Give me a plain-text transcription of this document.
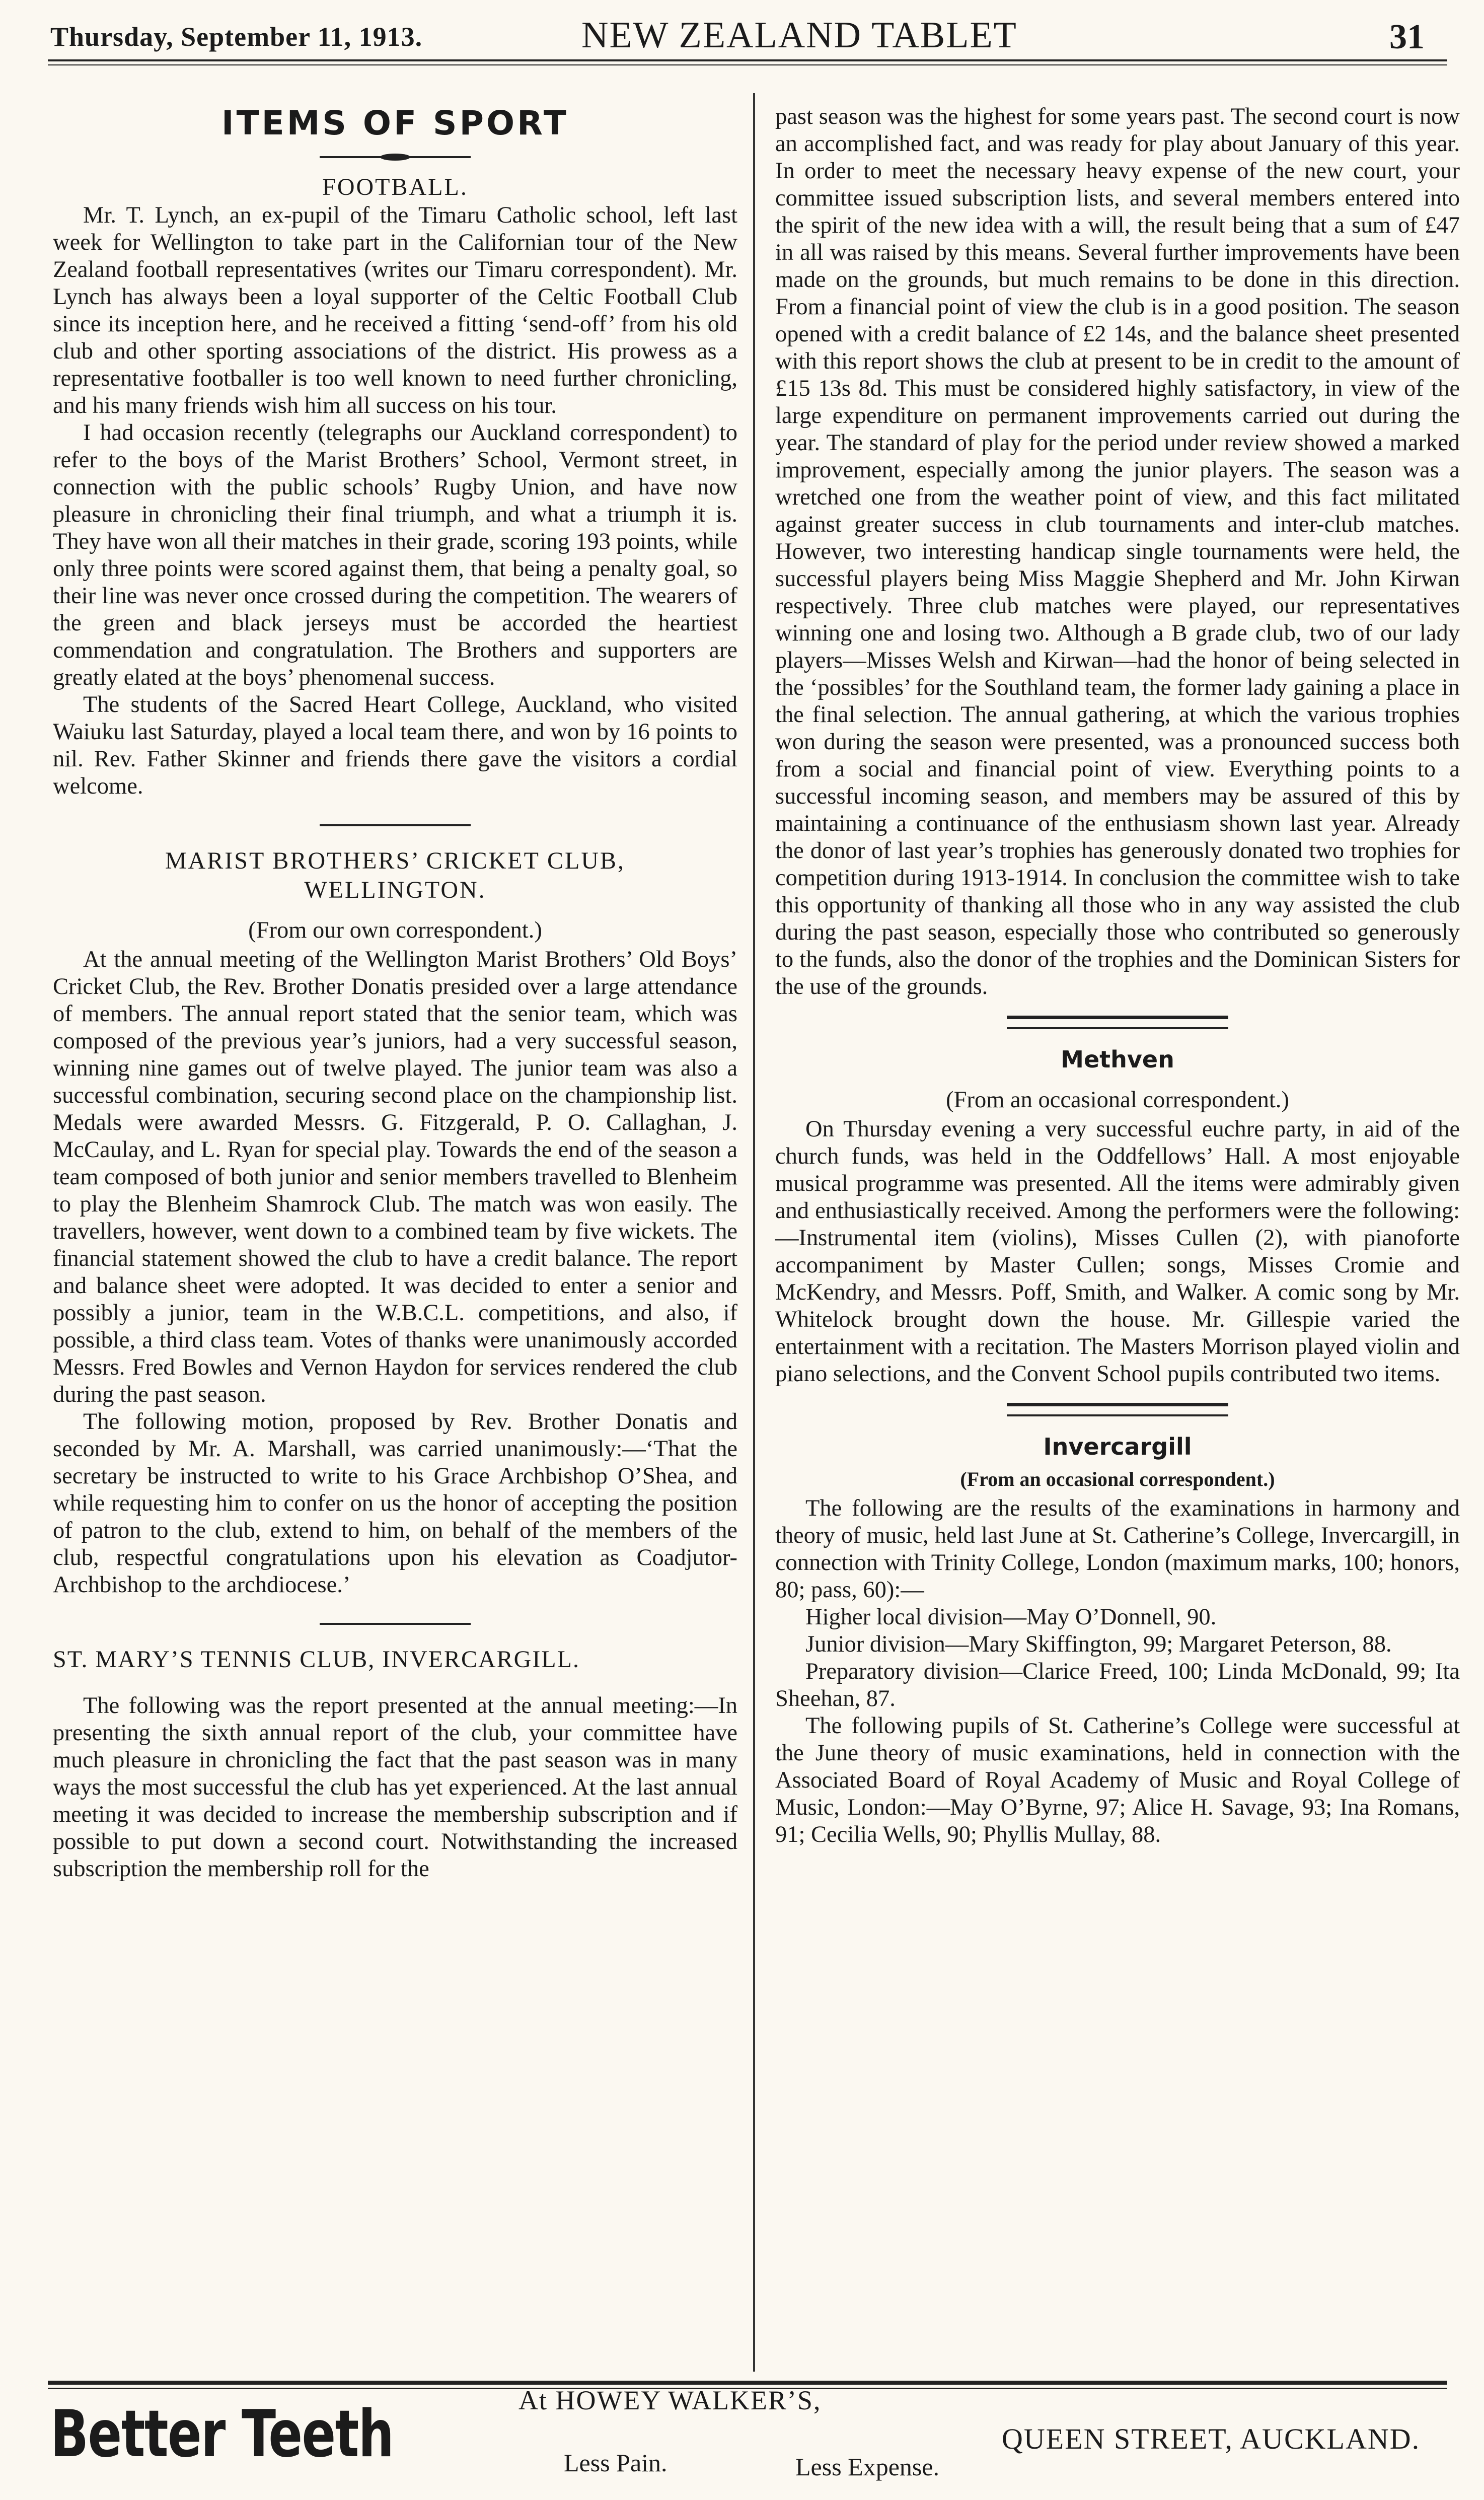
Thursday, September 11, 1913.	NEW ZEALAND TABLET	31
ITEMS OF SPORT
FOOTBALL.

Mr. T. Lynch, an ex-pupil of the Timaru Catholic school, left last week for Wellington to take part in the Californian tour of the New Zealand football representatives (writes our Timaru correspondent). Mr. Lynch has always been a loyal supporter of the Celtic Football Club since its inception here, and he received a fitting ‘send-off’ from his old club and other sporting associations of the district. His prowess as a representative footballer is too well known to need further chronicling, and his many friends wish him all success on his tour.

I had occasion recently (telegraphs our Auckland correspondent) to refer to the boys of the Marist Brothers’ School, Vermont street, in connection with the public schools’ Rugby Union, and have now pleasure in chronicling their final triumph, and what a triumph it is. They have won all their matches in their grade, scoring 193 points, while only three points were scored against them, that being a penalty goal, so their line was never once crossed during the competition. The wearers of the green and black jerseys must be accorded the heartiest commendation and congratulation. The Brothers and supporters are greatly elated at the boys’ phenomenal success.

The students of the Sacred Heart College, Auckland, who visited Waiuku last Saturday, played a local team there, and won by 16 points to nil. Rev. Father Skinner and friends there gave the visitors a cordial welcome.

MARIST BROTHERS’ CRICKET CLUB,
WELLINGTON.
(From our own correspondent.)

At the annual meeting of the Wellington Marist Brothers’ Old Boys’ Cricket Club, the Rev. Brother Donatis presided over a large attendance of members. The annual report stated that the senior team, which was composed of the previous year’s juniors, had a very successful season, winning nine games out of twelve played. The junior team was also a successful combination, securing second place on the championship list. Medals were awarded Messrs. G. Fitzgerald, P. O. Callaghan, J. McCaulay, and L. Ryan for special play. Towards the end of the season a team composed of both junior and senior members travelled to Blenheim to play the Blenheim Shamrock Club. The match was won easily. The travellers, however, went down to a combined team by five wickets. The financial statement showed the club to have a credit balance. The report and balance sheet were adopted. It was decided to enter a senior and possibly a junior, team in the W.B.C.L. competitions, and also, if possible, a third class team. Votes of thanks were unanimously accorded Messrs. Fred Bowles and Vernon Haydon for services rendered the club during the past season.

The following motion, proposed by Rev. Brother Donatis and seconded by Mr. A. Marshall, was carried unanimously:—‘That the secretary be instructed to write to his Grace Archbishop O’Shea, and while requesting him to confer on us the honor of accepting the position of patron to the club, extend to him, on behalf of the members of the club, respectful congratulations upon his elevation as Coadjutor-Archbishop to the archdiocese.’

ST. MARY’S TENNIS CLUB, INVERCARGILL.

The following was the report presented at the annual meeting:—In presenting the sixth annual report of the club, your committee have much pleasure in chronicling the fact that the past season was in many ways the most successful the club has yet experienced. At the last annual meeting it was decided to increase the membership subscription and if possible to put down a second court. Notwithstanding the increased subscription the membership roll for the

past season was the highest for some years past. The second court is now an accomplished fact, and was ready for play about January of this year. In order to meet the necessary heavy expense of the new court, your committee issued subscription lists, and several members entered into the spirit of the new idea with a will, the result being that a sum of £47 in all was raised by this means. Several further improvements have been made on the grounds, but much remains to be done in this direction. From a financial point of view the club is in a good position. The season opened with a credit balance of £2 14s, and the balance sheet presented with this report shows the club at present to be in credit to the amount of £15 13s 8d. This must be considered highly satisfactory, in view of the large expenditure on permanent improvements carried out during the year. The standard of play for the period under review showed a marked improvement, especially among the junior players. The season was a wretched one from the weather point of view, and this fact militated against greater success in club tournaments and inter-club matches. However, two interesting handicap single tournaments were held, the successful players being Miss Maggie Shepherd and Mr. John Kirwan respectively. Three club matches were played, our representatives winning one and losing two. Although a B grade club, two of our lady players—Misses Welsh and Kirwan—had the honor of being selected in the ‘possibles’ for the Southland team, the former lady gaining a place in the final selection. The annual gathering, at which the various trophies won during the season were presented, was a pronounced success both from a social and financial point of view. Everything points to a successful incoming season, and members may be assured of this by maintaining a continuance of the enthusiasm shown last year. Already the donor of last year’s trophies has generously donated two trophies for competition during 1913-1914. In conclusion the committee wish to take this opportunity of thanking all those who in any way assisted the club during the past season, especially those who contributed so generously to the funds, also the donor of the trophies and the Dominican Sisters for the use of the grounds.

Methven
(From an occasional correspondent.)

On Thursday evening a very successful euchre party, in aid of the church funds, was held in the Oddfellows’ Hall. A most enjoyable musical programme was presented. All the items were admirably given and enthusiastically received. Among the performers were the following:—Instrumental item (violins), Misses Cullen (2), with pianoforte accompaniment by Master Cullen; songs, Misses Cromie and McKendry, and Messrs. Poff, Smith, and Walker. A comic song by Mr. Whitelock brought down the house. Mr. Gillespie varied the entertainment with a recitation. The Masters Morrison played violin and piano selections, and the Convent School pupils contributed two items.

Invercargill
(From an occasional correspondent.)

The following are the results of the examinations in harmony and theory of music, held last June at St. Catherine’s College, Invercargill, in connection with Trinity College, London (maximum marks, 100; honors, 80; pass, 60):—

Higher local division—May O’Donnell, 90.

Junior division—Mary Skiffington, 99; Margaret Peterson, 88.

Preparatory division—Clarice Freed, 100; Linda McDonald, 99; Ita Sheehan, 87.

The following pupils of St. Catherine’s College were successful at the June theory of music examinations, held in connection with the Associated Board of Royal Academy of Music and Royal College of Music, London:—May O’Byrne, 97; Alice H. Savage, 93; Ina Romans, 91; Cecilia Wells, 90; Phyllis Mullay, 88.

Better Teeth	At HOWEY WALKER’S,
Less Pain.	Less Expense.
QUEEN STREET, AUCKLAND.
